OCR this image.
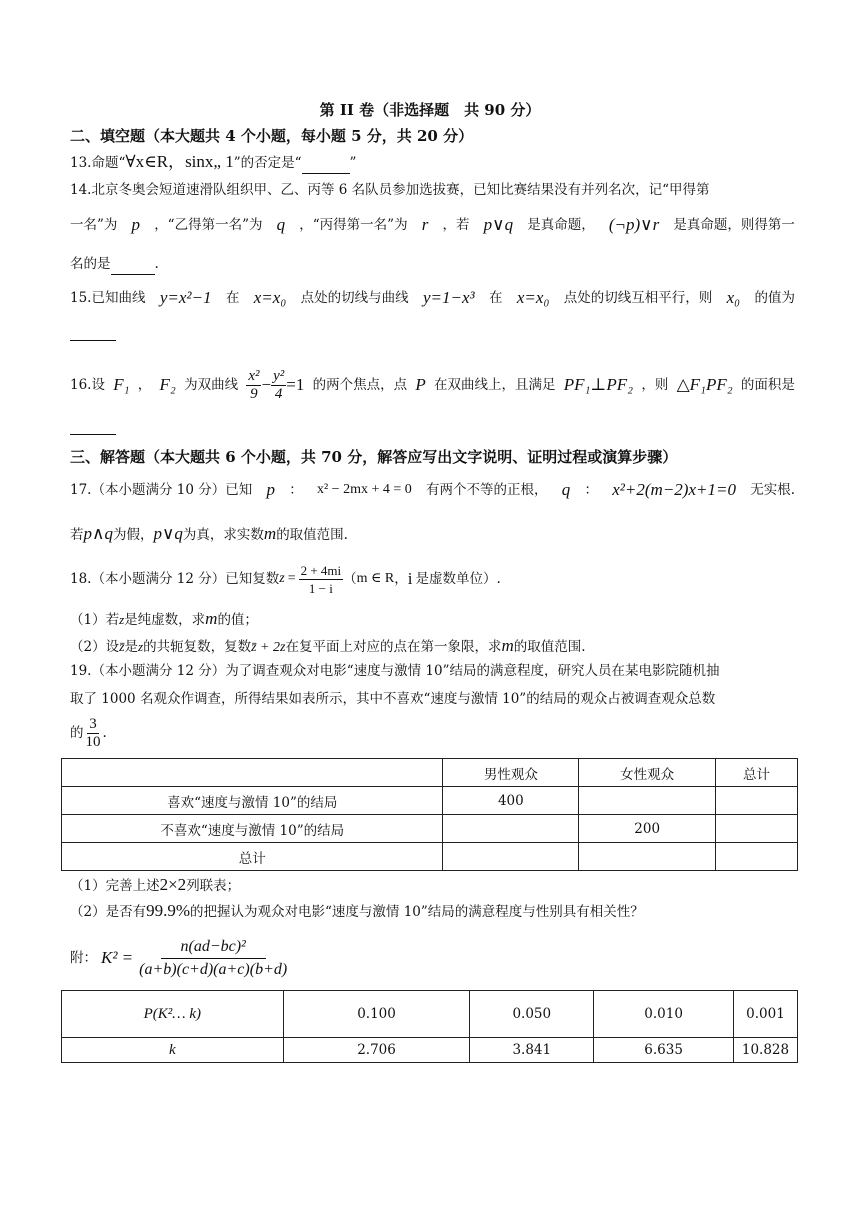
第 II 卷（非选择题　共 90 分）
二、填空题（本大题共 4 个小题，每小题 5 分，共 20 分）
13.命题“∀x∈R，sinx„ 1”的否定是“	”
14.北京冬奥会短道速滑队组织甲、乙、丙等 6 名队员参加选拔赛，已知比赛结果没有并列名次，记“甲得第
一名”为 p ，“乙得第一名”为 q ，“丙得第一名”为 r ，若 p∨q 是真命题， (¬p)∨r 是真命题，则得第一
名的是	.
15.已知曲线 y=x²−1 在 x=x₀ 点处的切线与曲线 y=1−x³ 在 x=x₀ 点处的切线互相平行，则 x₀ 的值为
16.设 F₁ ， F₂ 为双曲线 $\frac{\text{x²}}{9} - \frac{\text{y²}}{4} =1$ 的两个焦点，点 P 在双曲线上，且满足 PF₁⊥PF₂ ，则 △F₁PF₂ 的面积是
三、解答题（本大题共 6 个小题，共 70 分，解答应写出文字说明、证明过程或演算步骤）
17.（本小题满分 10 分）已知 p ： x² − 2mx + 4 = 0 有两个不等的正根， q ： x²+2(m−2)x+1=0 无实根.
若p∧q为假，p∨q为真，求实数m的取值范围.
18.（本小题满分 12 分）已知复数 $z = \frac{2 + 4mi}{1 - i}$ （ m ∈ R ， i 是虚数单位）.
（1）若z是纯虚数，求m的值；
（2）设z̄是z的共轭复数，复数z̄ + 2z在复平面上对应的点在第一象限，求m的取值范围.
19.（本小题满分 12 分）为了调查观众对电影“速度与激情 10”结局的满意程度，研究人员在某电影院随机抽
取了 1000 名观众作调查，所得结果如表所示，其中不喜欢“速度与激情 10”的结局的观众占被调查观众总数
的 $\frac{3}{10}$ .
	男性观众	女性观众	总计
喜欢“速度与激情 10”的结局	400		
不喜欢“速度与激情 10”的结局		200	
总计			
（1）完善上述2×2列联表；
（2）是否有99.9%的把握认为观众对电影“速度与激情 10”结局的满意程度与性别具有相关性？
附： $K^2 = \frac{\text{n(ad−bc)²}}{(a+b)(c+d)(a+c)(b+d)}$
P(K²… k)	0.100	0.050	0.010	0.001
k	2.706	3.841	6.635	10.828
